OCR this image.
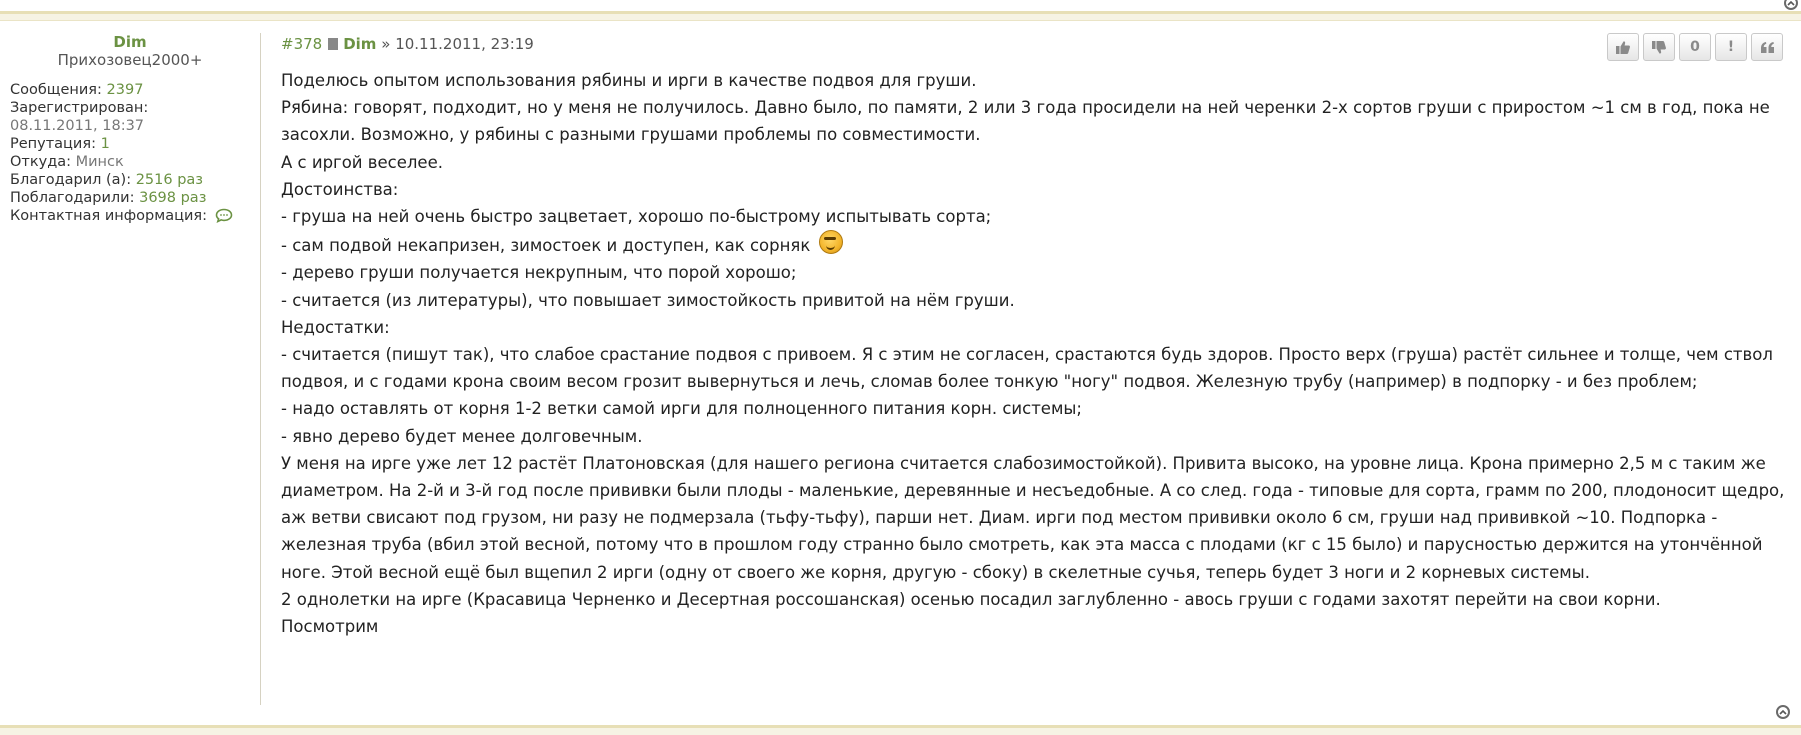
Dim
Прихозовец2000+
Сообщения: 2397
Зарегистрирован:
08.11.2011, 18:37
Репутация: 1
Откуда: Минск
Благодарил (а): 2516 раз
Поблагодарили: 3698 раз
Контактная информация:
#378 Dim » 10.11.2011, 23:19

Поделюсь опытом использования рябины и ирги в качестве подвоя для груши.

Рябина: говорят, подходит, но у меня не получилось. Давно было, по памяти, 2 или 3 года просидели на ней черенки 2-х сортов груши с приростом ~1 см в год, пока не засохли. Возможно, у рябины с разными грушами проблемы по совместимости.

А с иргой веселее.

Достоинства:

- груша на ней очень быстро зацветает, хорошо по-быстрому испытывать сорта;

- сам подвой некапризен, зимостоек и доступен, как сорняк

- дерево груши получается некрупным, что порой хорошо;

- считается (из литературы), что повышает зимостойкость привитой на нём груши.

Недостатки:

- считается (пишут так), что слабое срастание подвоя с привоем. Я с этим не согласен, срастаются будь здоров. Просто верх (груша) растёт сильнее и толще, чем ствол подвоя, и с годами крона своим весом грозит вывернуться и лечь, сломав более тонкую "ногу" подвоя. Железную трубу (например) в подпорку - и без проблем;

- надо оставлять от корня 1-2 ветки самой ирги для полноценного питания корн. системы;

- явно дерево будет менее долговечным.

У меня на ирге уже лет 12 растёт Платоновская (для нашего региона считается слабозимостойкой). Привита высоко, на уровне лица. Крона примерно 2,5 м с таким же диаметром. На 2-й и 3-й год после прививки были плоды - маленькие, деревянные и несъедобные. А со след. года - типовые для сорта, грамм по 200, плодоносит щедро, аж ветви свисают под грузом, ни разу не подмерзала (тьфу-тьфу), парши нет. Диам. ирги под местом прививки около 6 см, груши над прививкой ~10. Подпорка - железная труба (вбил этой весной, потому что в прошлом году странно было смотреть, как эта масса с плодами (кг с 15 было) и парусностью держится на утончённой ноге. Этой весной ещё был вщепил 2 ирги (одну от своего же корня, другую - сбоку) в скелетные сучья, теперь будет 3 ноги и 2 корневых системы.

2 однолетки на ирге (Красавица Черненко и Десертная россошанская) осенью посадил заглубленно - авось груши с годами захотят перейти на свои корни.

Посмотрим

0	!
